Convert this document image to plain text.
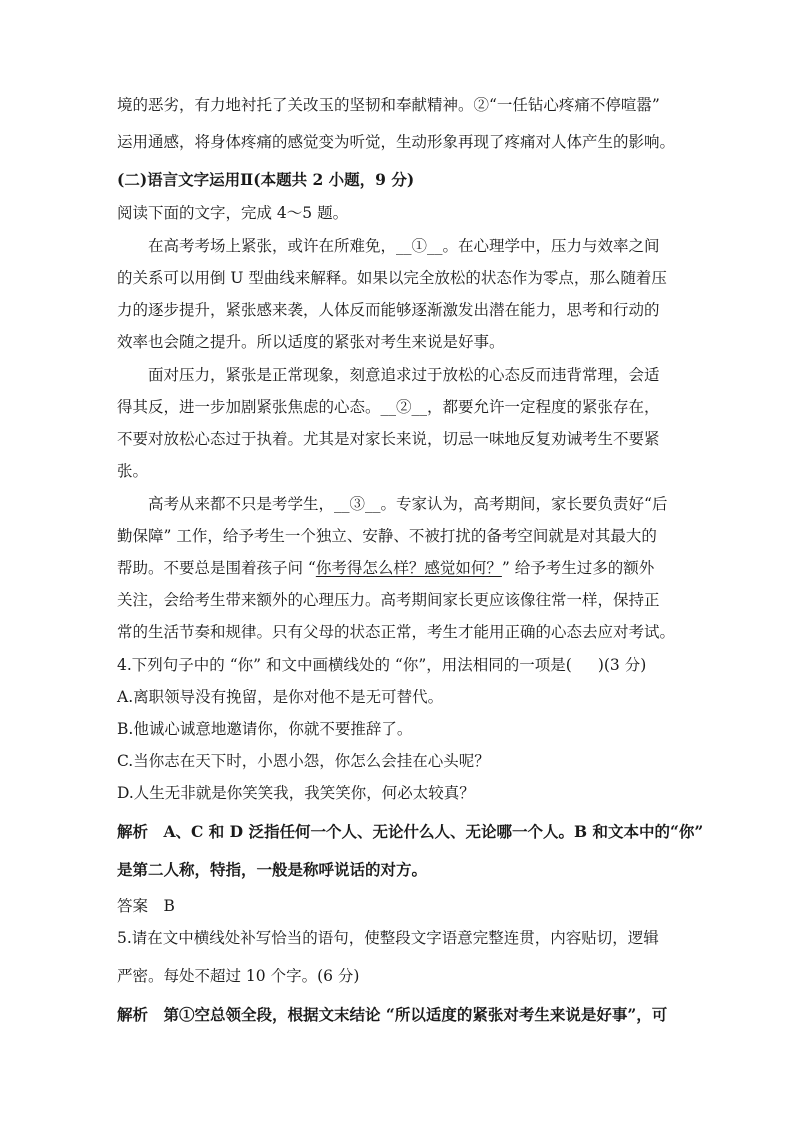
境的恶劣，有力地衬托了关改玉的坚韧和奉献精神。②“一任钻心疼痛不停喧嚣”
运用通感，将身体疼痛的感觉变为听觉，生动形象再现了疼痛对人体产生的影响。
(二)语言文字运用Ⅱ(本题共 2 小题，9 分)
阅读下面的文字，完成 4～5 题。
在高考考场上紧张，或许在所难免，__①__。在心理学中，压力与效率之间
的关系可以用倒 U 型曲线来解释。如果以完全放松的状态作为零点，那么随着压
力的逐步提升，紧张感来袭，人体反而能够逐渐激发出潜在能力，思考和行动的
效率也会随之提升。所以适度的紧张对考生来说是好事。
面对压力，紧张是正常现象，刻意追求过于放松的心态反而违背常理，会适
得其反，进一步加剧紧张焦虑的心态。__②__，都要允许一定程度的紧张存在，
不要对放松心态过于执着。尤其是对家长来说，切忌一味地反复劝诫考生不要紧
张。
高考从来都不只是考学生，__③__。专家认为，高考期间，家长要负责好“后
勤保障” 工作，给予考生一个独立、安静、不被打扰的备考空间就是对其最大的
帮助。不要总是围着孩子问 “你考得怎么样？感觉如何？” 给予考生过多的额外
关注，会给考生带来额外的心理压力。高考期间家长更应该像往常一样，保持正
常的生活节奏和规律。只有父母的状态正常，考生才能用正确的心态去应对考试。
4.下列句子中的 “你” 和文中画横线处的 “你”，用法相同的一项是( )(3 分)
A.离职领导没有挽留，是你对他不是无可替代。
B.他诚心诚意地邀请你，你就不要推辞了。
C.当你志在天下时，小恩小怨，你怎么会挂在心头呢？
D.人生无非就是你笑笑我，我笑笑你，何必太较真？
解析　A、C 和 D 泛指任何一个人、无论什么人、无论哪一个人。B 和文本中的“你”
是第二人称，特指，一般是称呼说话的对方。
答案　B
5.请在文中横线处补写恰当的语句，使整段文字语意完整连贯，内容贴切，逻辑
严密。每处不超过 10 个字。(6 分)
解析　第①空总领全段，根据文末结论 “所以适度的紧张对考生来说是好事”，可
